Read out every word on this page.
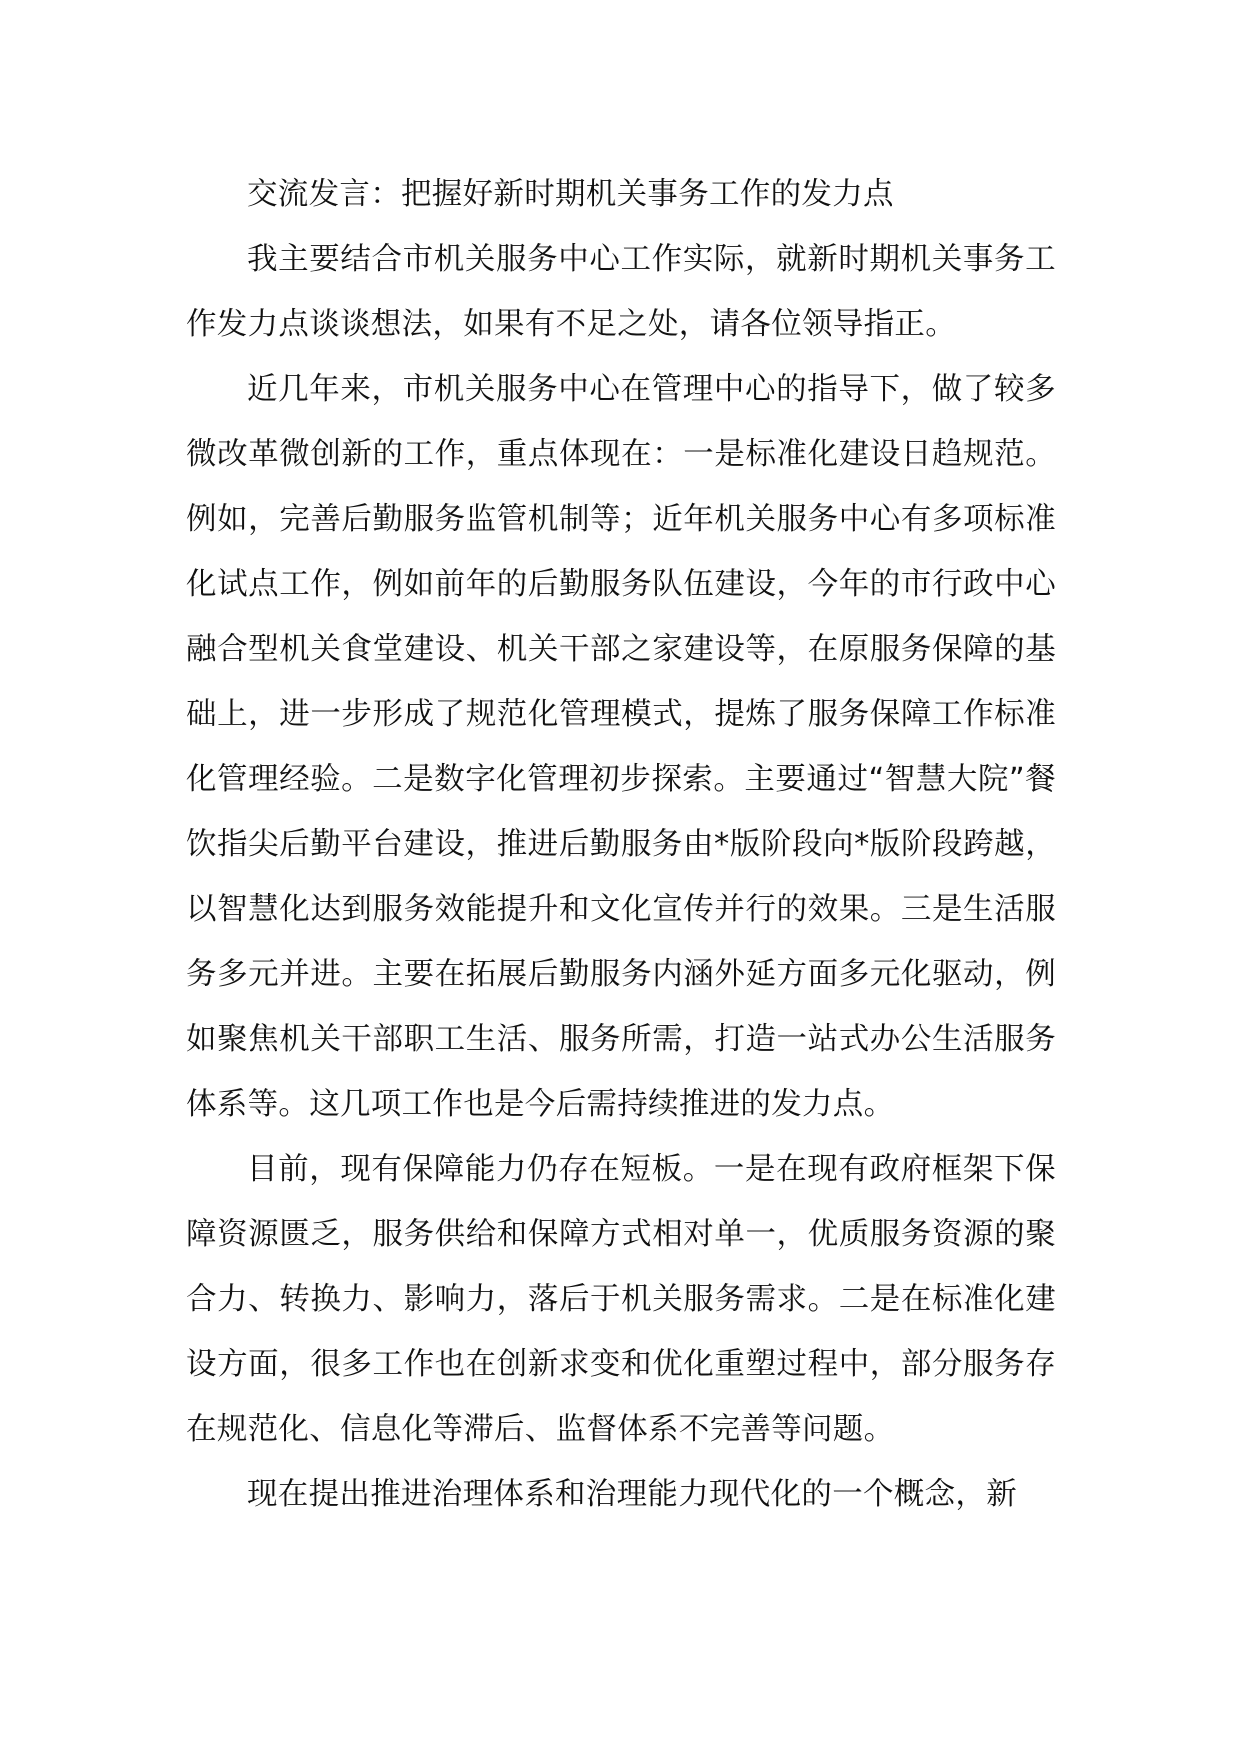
交流发言：把握好新时期机关事务工作的发力点

我主要结合市机关服务中心工作实际，就新时期机关事务工作发力点谈谈想法，如果有不足之处，请各位领导指正。

近几年来，市机关服务中心在管理中心的指导下，做了较多微改革微创新的工作，重点体现在：一是标准化建设日趋规范。例如，完善后勤服务监管机制等；近年机关服务中心有多项标准化试点工作，例如前年的后勤服务队伍建设，今年的市行政中心融合型机关食堂建设、机关干部之家建设等，在原服务保障的基础上，进一步形成了规范化管理模式，提炼了服务保障工作标准化管理经验。二是数字化管理初步探索。主要通过“智慧大院”餐饮指尖后勤平台建设，推进后勤服务由*版阶段向*版阶段跨越，以智慧化达到服务效能提升和文化宣传并行的效果。三是生活服务多元并进。主要在拓展后勤服务内涵外延方面多元化驱动，例如聚焦机关干部职工生活、服务所需，打造一站式办公生活服务体系等。这几项工作也是今后需持续推进的发力点。

目前，现有保障能力仍存在短板。一是在现有政府框架下保障资源匮乏，服务供给和保障方式相对单一，优质服务资源的聚合力、转换力、影响力，落后于机关服务需求。二是在标准化建设方面，很多工作也在创新求变和优化重塑过程中，部分服务存在规范化、信息化等滞后、监督体系不完善等问题。

现在提出推进治理体系和治理能力现代化的一个概念，新
